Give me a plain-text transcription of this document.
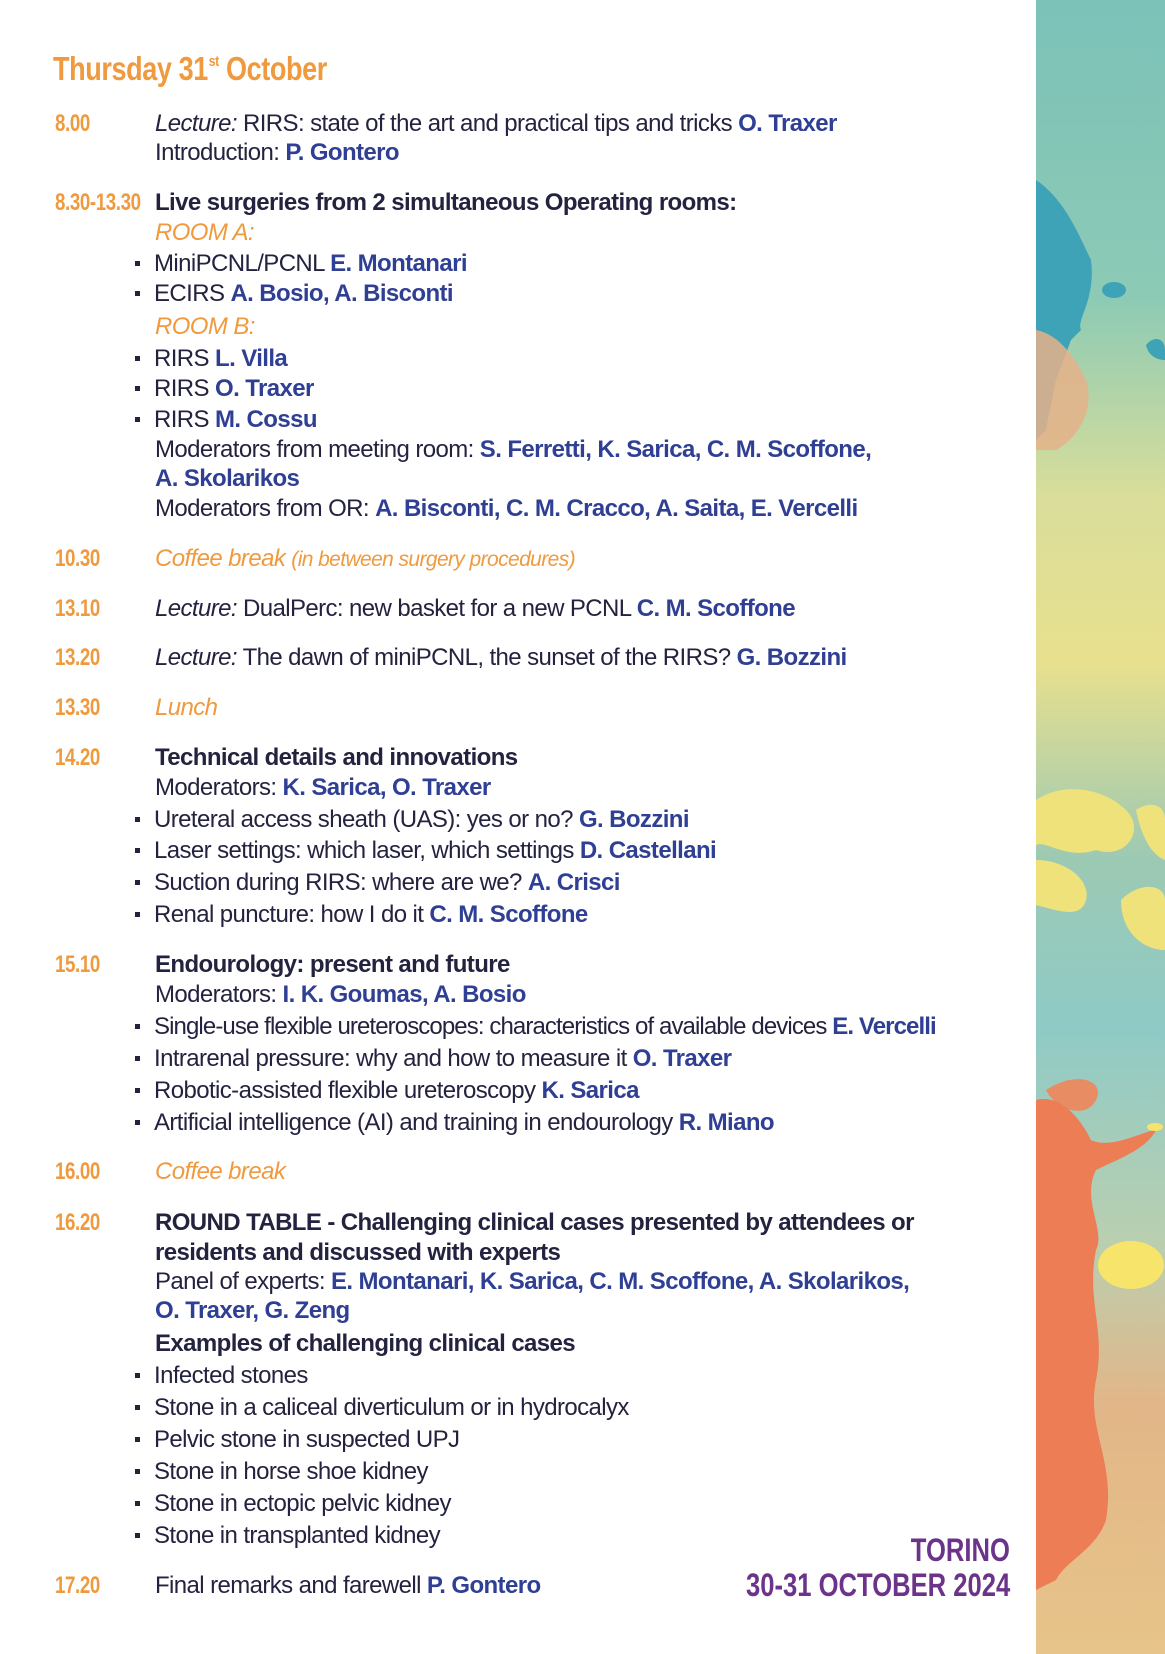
Thursday 31st October
8.00	Lecture: RIRS: state of the art and practical tips and tricks O. Traxer
Introduction: P. Gontero
8.30-13.30 Live surgeries from 2 simultaneous Operating rooms:
ROOM A:
MiniPCNL/PCNL E. Montanari
ECIRS A. Bosio, A. Bisconti
ROOM B:
RIRS L. Villa
RIRS O. Traxer
RIRS M. Cossu
Moderators from meeting room: S. Ferretti, K. Sarica, C. M. Scoffone,
A. Skolarikos
Moderators from OR: A. Bisconti, C. M. Cracco, A. Saita, E. Vercelli
10.30 Coffee break (in between surgery procedures)
13.10 Lecture: DualPerc: new basket for a new PCNL C. M. Scoffone
13.20 Lecture: The dawn of miniPCNL, the sunset of the RIRS? G. Bozzini
13.30 Lunch
14.20 Technical details and innovations
Moderators: K. Sarica, O. Traxer
Ureteral access sheath (UAS): yes or no? G. Bozzini
Laser settings: which laser, which settings D. Castellani
Suction during RIRS: where are we? A. Crisci
Renal puncture: how I do it C. M. Scoffone
15.10 Endourology: present and future
Moderators: I. K. Goumas, A. Bosio
Single-use flexible ureteroscopes: characteristics of available devices E. Vercelli
Intrarenal pressure: why and how to measure it O. Traxer
Robotic-assisted flexible ureteroscopy K. Sarica
Artificial intelligence (AI) and training in endourology R. Miano
16.00 Coffee break
16.20 ROUND TABLE - Challenging clinical cases presented by attendees or
residents and discussed with experts
Panel of experts: E. Montanari, K. Sarica, C. M. Scoffone, A. Skolarikos,
O. Traxer, G. Zeng
Examples of challenging clinical cases
Infected stones
Stone in a caliceal diverticulum or in hydrocalyx
Pelvic stone in suspected UPJ
Stone in horse shoe kidney
Stone in ectopic pelvic kidney
Stone in transplanted kidney
17.20 Final remarks and farewell P. Gontero
TORINO
30-31 OCTOBER 2024
